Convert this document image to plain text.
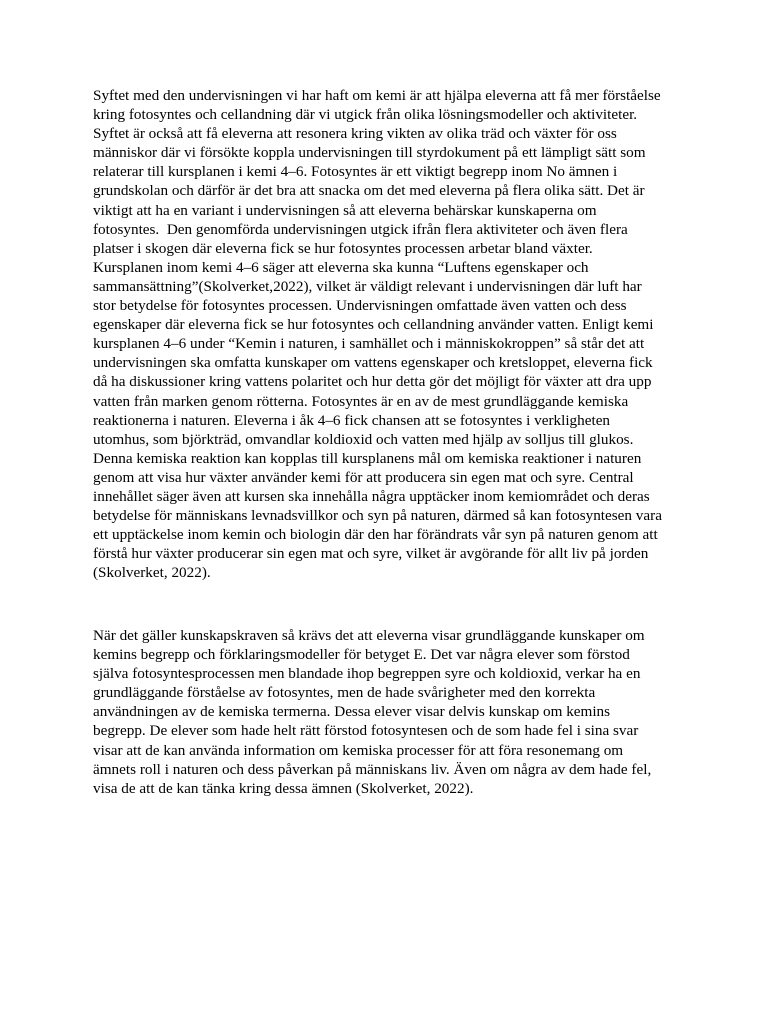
Syftet med den undervisningen vi har haft om kemi är att hjälpa eleverna att få mer förståelse
kring fotosyntes och cellandning där vi utgick från olika lösningsmodeller och aktiviteter.
Syftet är också att få eleverna att resonera kring vikten av olika träd och växter för oss
människor där vi försökte koppla undervisningen till styrdokument på ett lämpligt sätt som
relaterar till kursplanen i kemi 4–6. Fotosyntes är ett viktigt begrepp inom No ämnen i
grundskolan och därför är det bra att snacka om det med eleverna på flera olika sätt. Det är
viktigt att ha en variant i undervisningen så att eleverna behärskar kunskaperna om
fotosyntes.  Den genomförda undervisningen utgick ifrån flera aktiviteter och även flera
platser i skogen där eleverna fick se hur fotosyntes processen arbetar bland växter.
Kursplanen inom kemi 4–6 säger att eleverna ska kunna “Luftens egenskaper och
sammansättning”(Skolverket,2022), vilket är väldigt relevant i undervisningen där luft har
stor betydelse för fotosyntes processen. Undervisningen omfattade även vatten och dess
egenskaper där eleverna fick se hur fotosyntes och cellandning använder vatten. Enligt kemi
kursplanen 4–6 under “Kemin i naturen, i samhället och i människokroppen” så står det att
undervisningen ska omfatta kunskaper om vattens egenskaper och kretsloppet, eleverna fick
då ha diskussioner kring vattens polaritet och hur detta gör det möjligt för växter att dra upp
vatten från marken genom rötterna. Fotosyntes är en av de mest grundläggande kemiska
reaktionerna i naturen. Eleverna i åk 4–6 fick chansen att se fotosyntes i verkligheten
utomhus, som björkträd, omvandlar koldioxid och vatten med hjälp av solljus till glukos.
Denna kemiska reaktion kan kopplas till kursplanens mål om kemiska reaktioner i naturen
genom att visa hur växter använder kemi för att producera sin egen mat och syre. Central
innehållet säger även att kursen ska innehålla några upptäcker inom kemiområdet och deras
betydelse för människans levnadsvillkor och syn på naturen, därmed så kan fotosyntesen vara
ett upptäckelse inom kemin och biologin där den har förändrats vår syn på naturen genom att
förstå hur växter producerar sin egen mat och syre, vilket är avgörande för allt liv på jorden
(Skolverket, 2022).
När det gäller kunskapskraven så krävs det att eleverna visar grundläggande kunskaper om
kemins begrepp och förklaringsmodeller för betyget E. Det var några elever som förstod
själva fotosyntesprocessen men blandade ihop begreppen syre och koldioxid, verkar ha en
grundläggande förståelse av fotosyntes, men de hade svårigheter med den korrekta
användningen av de kemiska termerna. Dessa elever visar delvis kunskap om kemins
begrepp. De elever som hade helt rätt förstod fotosyntesen och de som hade fel i sina svar
visar att de kan använda information om kemiska processer för att föra resonemang om
ämnets roll i naturen och dess påverkan på människans liv. Även om några av dem hade fel,
visa de att de kan tänka kring dessa ämnen (Skolverket, 2022).
